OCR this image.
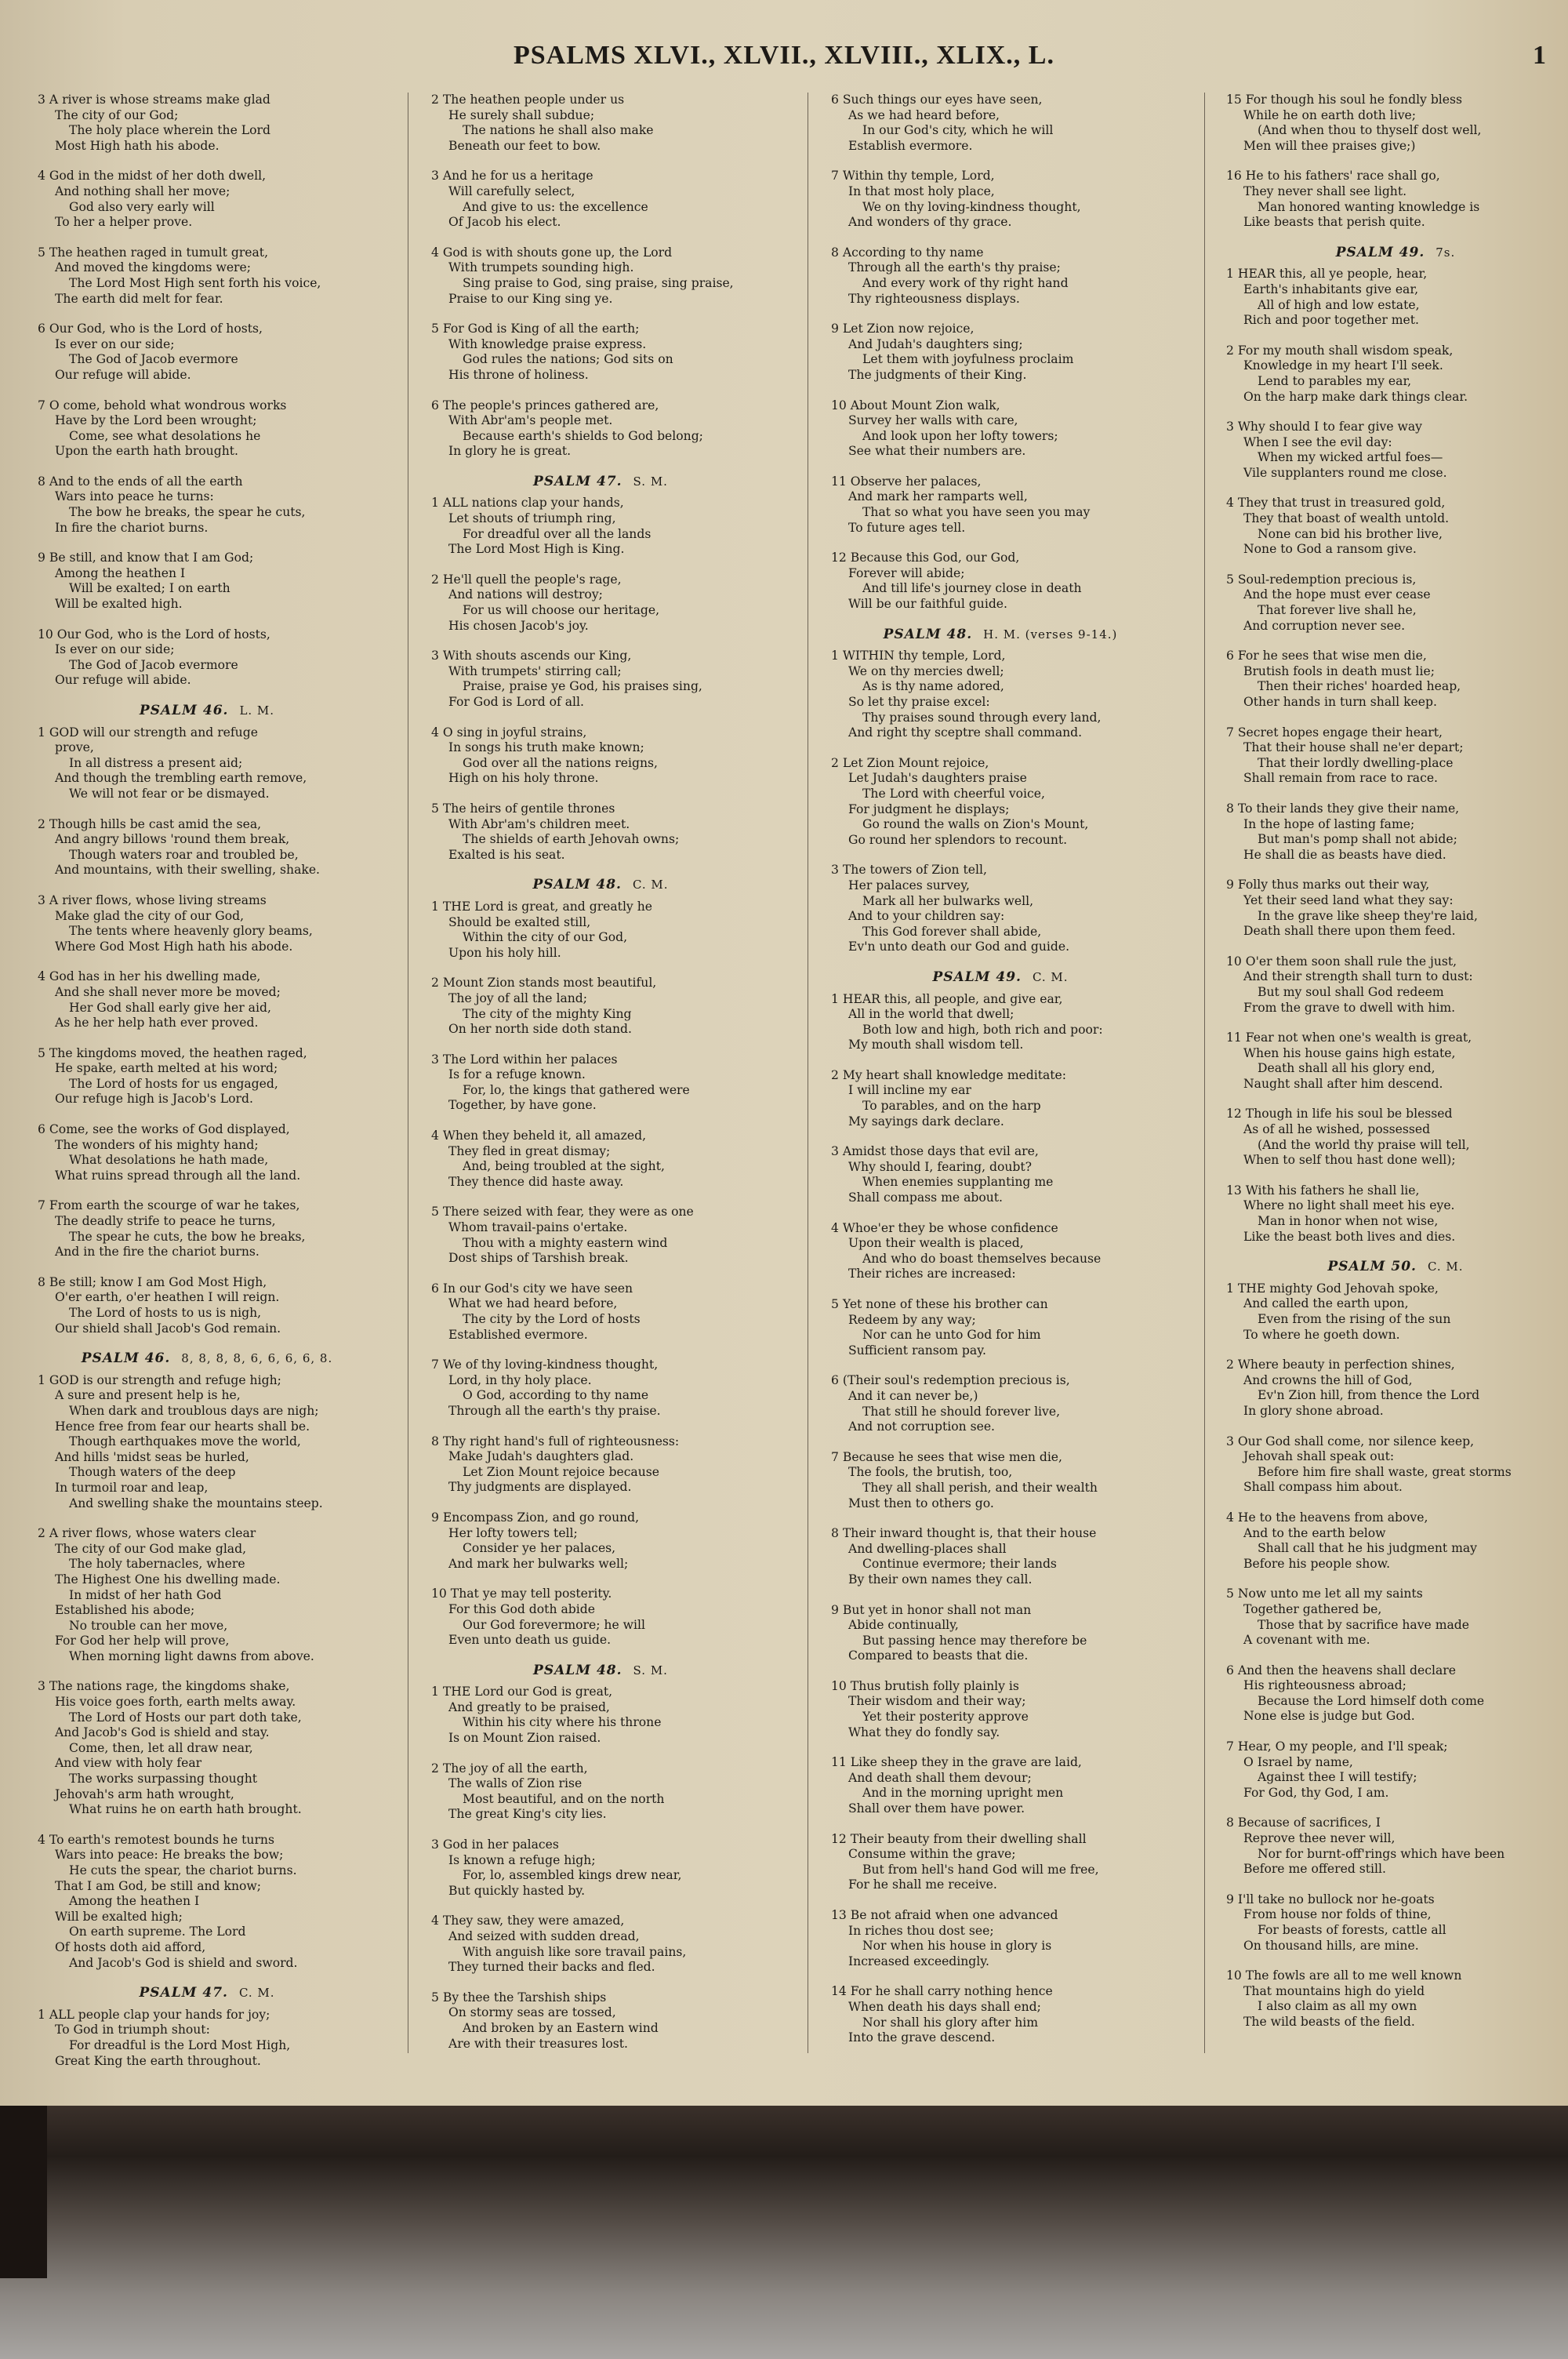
PSALMS XLVI., XLVII., XLVIII., XLIX., L.	1
3 A river is whose streams make glad
The city of our God;
The holy place wherein the Lord
Most High hath his abode.
4 God in the midst of her doth dwell,
And nothing shall her move;
God also very early will
To her a helper prove.
5 The heathen raged in tumult great,
And moved the kingdoms were;
The Lord Most High sent forth his voice,
The earth did melt for fear.
6 Our God, who is the Lord of hosts,
Is ever on our side;
The God of Jacob evermore
Our refuge will abide.
7 O come, behold what wondrous works
Have by the Lord been wrought;
Come, see what desolations he
Upon the earth hath brought.
8 And to the ends of all the earth
Wars into peace he turns:
The bow he breaks, the spear he cuts,
In fire the chariot burns.
9 Be still, and know that I am God;
Among the heathen I
Will be exalted; I on earth
Will be exalted high.
10 Our God, who is the Lord of hosts,
Is ever on our side;
The God of Jacob evermore
Our refuge will abide.
PSALM 46. L. M.
1 GOD will our strength and refuge
prove,
In all distress a present aid;
And though the trembling earth remove,
We will not fear or be dismayed.
2 Though hills be cast amid the sea,
And angry billows 'round them break,
Though waters roar and troubled be,
And mountains, with their swelling, shake.
3 A river flows, whose living streams
Make glad the city of our God,
The tents where heavenly glory beams,
Where God Most High hath his abode.
4 God has in her his dwelling made,
And she shall never more be moved;
Her God shall early give her aid,
As he her help hath ever proved.
5 The kingdoms moved, the heathen raged,
He spake, earth melted at his word;
The Lord of hosts for us engaged,
Our refuge high is Jacob's Lord.
6 Come, see the works of God displayed,
The wonders of his mighty hand;
What desolations he hath made,
What ruins spread through all the land.
7 From earth the scourge of war he takes,
The deadly strife to peace he turns,
The spear he cuts, the bow he breaks,
And in the fire the chariot burns.
8 Be still; know I am God Most High,
O'er earth, o'er heathen I will reign.
The Lord of hosts to us is nigh,
Our shield shall Jacob's God remain.
PSALM 46. 8, 8, 8, 8, 6, 6, 6, 6, 8.
1 GOD is our strength and refuge high;
A sure and present help is he,
When dark and troublous days are nigh;
Hence free from fear our hearts shall be.
Though earthquakes move the world,
And hills 'midst seas be hurled,
Though waters of the deep
In turmoil roar and leap,
And swelling shake the mountains steep.
2 A river flows, whose waters clear
The city of our God make glad,
The holy tabernacles, where
The Highest One his dwelling made.
In midst of her hath God
Established his abode;
No trouble can her move,
For God her help will prove,
When morning light dawns from above.
3 The nations rage, the kingdoms shake,
His voice goes forth, earth melts away.
The Lord of Hosts our part doth take,
And Jacob's God is shield and stay.
Come, then, let all draw near,
And view with holy fear
The works surpassing thought
Jehovah's arm hath wrought,
What ruins he on earth hath brought.
4 To earth's remotest bounds he turns
Wars into peace: He breaks the bow;
He cuts the spear, the chariot burns.
That I am God, be still and know;
Among the heathen I
Will be exalted high;
On earth supreme. The Lord
Of hosts doth aid afford,
And Jacob's God is shield and sword.
PSALM 47. C. M.
1 ALL people clap your hands for joy;
To God in triumph shout:
For dreadful is the Lord Most High,
Great King the earth throughout.
2 The heathen people under us
He surely shall subdue;
The nations he shall also make
Beneath our feet to bow.
3 And he for us a heritage
Will carefully select,
And give to us: the excellence
Of Jacob his elect.
4 God is with shouts gone up, the Lord
With trumpets sounding high.
Sing praise to God, sing praise, sing praise,
Praise to our King sing ye.
5 For God is King of all the earth;
With knowledge praise express.
God rules the nations; God sits on
His throne of holiness.
6 The people's princes gathered are,
With Abr'am's people met.
Because earth's shields to God belong;
In glory he is great.
PSALM 47. S. M.
1 ALL nations clap your hands,
Let shouts of triumph ring,
For dreadful over all the lands
The Lord Most High is King.
2 He'll quell the people's rage,
And nations will destroy;
For us will choose our heritage,
His chosen Jacob's joy.
3 With shouts ascends our King,
With trumpets' stirring call;
Praise, praise ye God, his praises sing,
For God is Lord of all.
4 O sing in joyful strains,
In songs his truth make known;
God over all the nations reigns,
High on his holy throne.
5 The heirs of gentile thrones
With Abr'am's children meet.
The shields of earth Jehovah owns;
Exalted is his seat.
PSALM 48. C. M.
1 THE Lord is great, and greatly he
Should be exalted still,
Within the city of our God,
Upon his holy hill.
2 Mount Zion stands most beautiful,
The joy of all the land;
The city of the mighty King
On her north side doth stand.
3 The Lord within her palaces
Is for a refuge known.
For, lo, the kings that gathered were
Together, by have gone.
4 When they beheld it, all amazed,
They fled in great dismay;
And, being troubled at the sight,
They thence did haste away.
5 There seized with fear, they were as one
Whom travail-pains o'ertake.
Thou with a mighty eastern wind
Dost ships of Tarshish break.
6 In our God's city we have seen
What we had heard before,
The city by the Lord of hosts
Established evermore.
7 We of thy loving-kindness thought,
Lord, in thy holy place.
O God, according to thy name
Through all the earth's thy praise.
8 Thy right hand's full of righteousness:
Make Judah's daughters glad.
Let Zion Mount rejoice because
Thy judgments are displayed.
9 Encompass Zion, and go round,
Her lofty towers tell;
Consider ye her palaces,
And mark her bulwarks well;
10 That ye may tell posterity.
For this God doth abide
Our God forevermore; he will
Even unto death us guide.
PSALM 48. S. M.
1 THE Lord our God is great,
And greatly to be praised,
Within his city where his throne
Is on Mount Zion raised.
2 The joy of all the earth,
The walls of Zion rise
Most beautiful, and on the north
The great King's city lies.
3 God in her palaces
Is known a refuge high;
For, lo, assembled kings drew near,
But quickly hasted by.
4 They saw, they were amazed,
And seized with sudden dread,
With anguish like sore travail pains,
They turned their backs and fled.
5 By thee the Tarshish ships
On stormy seas are tossed,
And broken by an Eastern wind
Are with their treasures lost.
6 Such things our eyes have seen,
As we had heard before,
In our God's city, which he will
Establish evermore.
7 Within thy temple, Lord,
In that most holy place,
We on thy loving-kindness thought,
And wonders of thy grace.
8 According to thy name
Through all the earth's thy praise;
And every work of thy right hand
Thy righteousness displays.
9 Let Zion now rejoice,
And Judah's daughters sing;
Let them with joyfulness proclaim
The judgments of their King.
10 About Mount Zion walk,
Survey her walls with care,
And look upon her lofty towers;
See what their numbers are.
11 Observe her palaces,
And mark her ramparts well,
That so what you have seen you may
To future ages tell.
12 Because this God, our God,
Forever will abide;
And till life's journey close in death
Will be our faithful guide.
PSALM 48. H. M. (verses 9-14.)
1 WITHIN thy temple, Lord,
We on thy mercies dwell;
As is thy name adored,
So let thy praise excel:
Thy praises sound through every land,
And right thy sceptre shall command.
2 Let Zion Mount rejoice,
Let Judah's daughters praise
The Lord with cheerful voice,
For judgment he displays;
Go round the walls on Zion's Mount,
Go round her splendors to recount.
3 The towers of Zion tell,
Her palaces survey,
Mark all her bulwarks well,
And to your children say:
This God forever shall abide,
Ev'n unto death our God and guide.
PSALM 49. C. M.
1 HEAR this, all people, and give ear,
All in the world that dwell;
Both low and high, both rich and poor:
My mouth shall wisdom tell.
2 My heart shall knowledge meditate:
I will incline my ear
To parables, and on the harp
My sayings dark declare.
3 Amidst those days that evil are,
Why should I, fearing, doubt?
When enemies supplanting me
Shall compass me about.
4 Whoe'er they be whose confidence
Upon their wealth is placed,
And who do boast themselves because
Their riches are increased:
5 Yet none of these his brother can
Redeem by any way;
Nor can he unto God for him
Sufficient ransom pay.
6 (Their soul's redemption precious is,
And it can never be,)
That still he should forever live,
And not corruption see.
7 Because he sees that wise men die,
The fools, the brutish, too,
They all shall perish, and their wealth
Must then to others go.
8 Their inward thought is, that their house
And dwelling-places shall
Continue evermore; their lands
By their own names they call.
9 But yet in honor shall not man
Abide continually,
But passing hence may therefore be
Compared to beasts that die.
10 Thus brutish folly plainly is
Their wisdom and their way;
Yet their posterity approve
What they do fondly say.
11 Like sheep they in the grave are laid,
And death shall them devour;
And in the morning upright men
Shall over them have power.
12 Their beauty from their dwelling shall
Consume within the grave;
But from hell's hand God will me free,
For he shall me receive.
13 Be not afraid when one advanced
In riches thou dost see;
Nor when his house in glory is
Increased exceedingly.
14 For he shall carry nothing hence
When death his days shall end;
Nor shall his glory after him
Into the grave descend.
15 For though his soul he fondly bless
While he on earth doth live;
(And when thou to thyself dost well,
Men will thee praises give;)
16 He to his fathers' race shall go,
They never shall see light.
Man honored wanting knowledge is
Like beasts that perish quite.
PSALM 49. 7s.
1 HEAR this, all ye people, hear,
Earth's inhabitants give ear,
All of high and low estate,
Rich and poor together met.
2 For my mouth shall wisdom speak,
Knowledge in my heart I'll seek.
Lend to parables my ear,
On the harp make dark things clear.
3 Why should I to fear give way
When I see the evil day:
When my wicked artful foes—
Vile supplanters round me close.
4 They that trust in treasured gold,
They that boast of wealth untold.
None can bid his brother live,
None to God a ransom give.
5 Soul-redemption precious is,
And the hope must ever cease
That forever live shall he,
And corruption never see.
6 For he sees that wise men die,
Brutish fools in death must lie;
Then their riches' hoarded heap,
Other hands in turn shall keep.
7 Secret hopes engage their heart,
That their house shall ne'er depart;
That their lordly dwelling-place
Shall remain from race to race.
8 To their lands they give their name,
In the hope of lasting fame;
But man's pomp shall not abide;
He shall die as beasts have died.
9 Folly thus marks out their way,
Yet their seed land what they say:
In the grave like sheep they're laid,
Death shall there upon them feed.
10 O'er them soon shall rule the just,
And their strength shall turn to dust:
But my soul shall God redeem
From the grave to dwell with him.
11 Fear not when one's wealth is great,
When his house gains high estate,
Death shall all his glory end,
Naught shall after him descend.
12 Though in life his soul be blessed
As of all he wished, possessed
(And the world thy praise will tell,
When to self thou hast done well);
13 With his fathers he shall lie,
Where no light shall meet his eye.
Man in honor when not wise,
Like the beast both lives and dies.
PSALM 50. C. M.
1 THE mighty God Jehovah spoke,
And called the earth upon,
Even from the rising of the sun
To where he goeth down.
2 Where beauty in perfection shines,
And crowns the hill of God,
Ev'n Zion hill, from thence the Lord
In glory shone abroad.
3 Our God shall come, nor silence keep,
Jehovah shall speak out:
Before him fire shall waste, great storms
Shall compass him about.
4 He to the heavens from above,
And to the earth below
Shall call that he his judgment may
Before his people show.
5 Now unto me let all my saints
Together gathered be,
Those that by sacrifice have made
A covenant with me.
6 And then the heavens shall declare
His righteousness abroad;
Because the Lord himself doth come
None else is judge but God.
7 Hear, O my people, and I'll speak;
O Israel by name,
Against thee I will testify;
For God, thy God, I am.
8 Because of sacrifices, I
Reprove thee never will,
Nor for burnt-off'rings which have been
Before me offered still.
9 I'll take no bullock nor he-goats
From house nor folds of thine,
For beasts of forests, cattle all
On thousand hills, are mine.
10 The fowls are all to me well known
That mountains high do yield
I also claim as all my own
The wild beasts of the field.
